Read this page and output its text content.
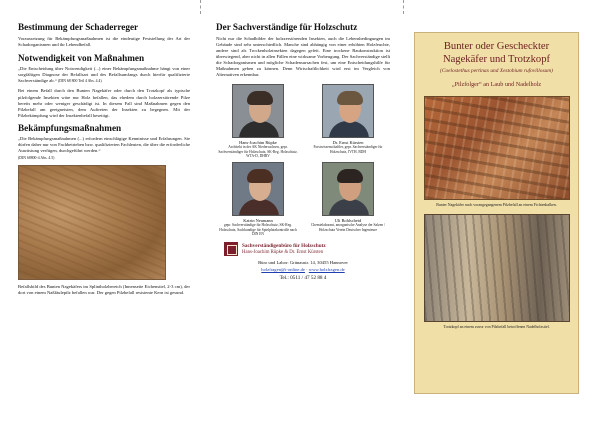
Bestimmung der Schaderreger

Voraussetzung für Bekämpfungsmaßnahmen ist die eindeutige Feststellung der Art der Schadorganismen und ihr Lebendbefall.

Notwendigkeit von Maßnahmen

„Die Entscheidung über Notwendigkeit (...) einer Bekämpfungsmaßnahme hängt von einer sorgfältigen Diagnose der Befallsart und des Befallsumfangs durch hierfür qualifizierte Sachverständige ab.“ (DIN 68 800 Teil 4 Abs. 4.4)

Bei einem Befall durch den Bunten Nagekäfer oder durch den Trotzkopf als typische pilzfolgende Insekten wäre nur Holz befallen, das ehedem durch holzzerstörende Pilze bereits mehr oder weniger geschädigt ist. In diesem Fall sind Maßnahmen gegen den Pilzbefall am geeignetsten, dem Auftreten der Insekten zu begegnen. Mit der Pilzbekämpfung wird der Insektenbefall beseitigt.

Bekämpfungsmaßnahmen

„Die Bekämpfungsmaßnahmen (...) erfordern einschlägige Kenntnisse und Erfahrungen. Sie dürfen daher nur von Fachbetrieben bzw. qualifizierten Fachleuten, die über die erforderliche Ausrüstung verfügen, durchgeführt werden.“
(DIN 68800-4 Abs. 4.5)

Befallsbild des Bunten Nagekäfers im Splintholzbereich (Innenseite Eichenstiel, 2-3 cm), der dort von einem Naßfäulepilz befallen war. Der gegen Pilzbefall resistente Kern ist gesund.

Der Sachverständige für Holzschutz

Nicht nur die Schadbilder der holzzerstörenden Insekten, auch die Lebensbedingungen im Gebäude sind sehr unterschiedlich. Manche sind abhängig von einer erhöhten Holzfeuchte, andere sind als Trockenholzinsekten dagegen gefeit. Eine trockene Baukonstruktion ist überwiegend, aber nicht in allen Fällen eine wirksame Vorbeugung. Der Sachverständige stellt die Schadorganismen und mögliche Schadensursachen fest, um eine Entscheidungshilfe für Maßnahmen geben zu können. Denn Wirtschaftlichkeit wird erst im Vergleich von Alternativen erkennbar.

Hans-Joachim Rüpke
Architekt in der AK Niedersachsen, gepr. Sachverständiger für Holzschutz, SK-Reg. Holzschutz, WTA-D, DHBV
Dr. Ernst Kürsten
Forstwissenschaftler, gepr. Sachverständiger für Holzschutz, IVTH, BDH
Katrin Neumann
gepr. Sachverständige für Holzschutz, SK-Reg. Holzschutz, Sachkundige für Spielplatzkontrolle nach DIN EN
Uli Bohlscheid
Chemielaborant, anorganische Analyse der Salzen / Holzschutz Verein Deutscher Ingenieure
Sachverständigenbüro für Holzschutz
Hans-Joachim Rüpke & Dr. Ernst Kürsten
Büro und Labor: Grünaustr. 14, 30455 Hannover
holzfragen@t-online.de · www.holzfragen.de
Tel.: 0511 / 47 52 88 4
Bunter oder Gescheckter Nagekäfer und Trotzkopf
(Coelostethus pertinax und Xestobium rufovillosum)
„Pilzfolger“ an Laub und Nadelholz
Bunter Nagekäfer nach vorangegangenem Pilzbefall an einem Fichtenbalken.
Trotzkopf an einem zuvor von Pilzbefall betroffenen Nadelholzstiel.
